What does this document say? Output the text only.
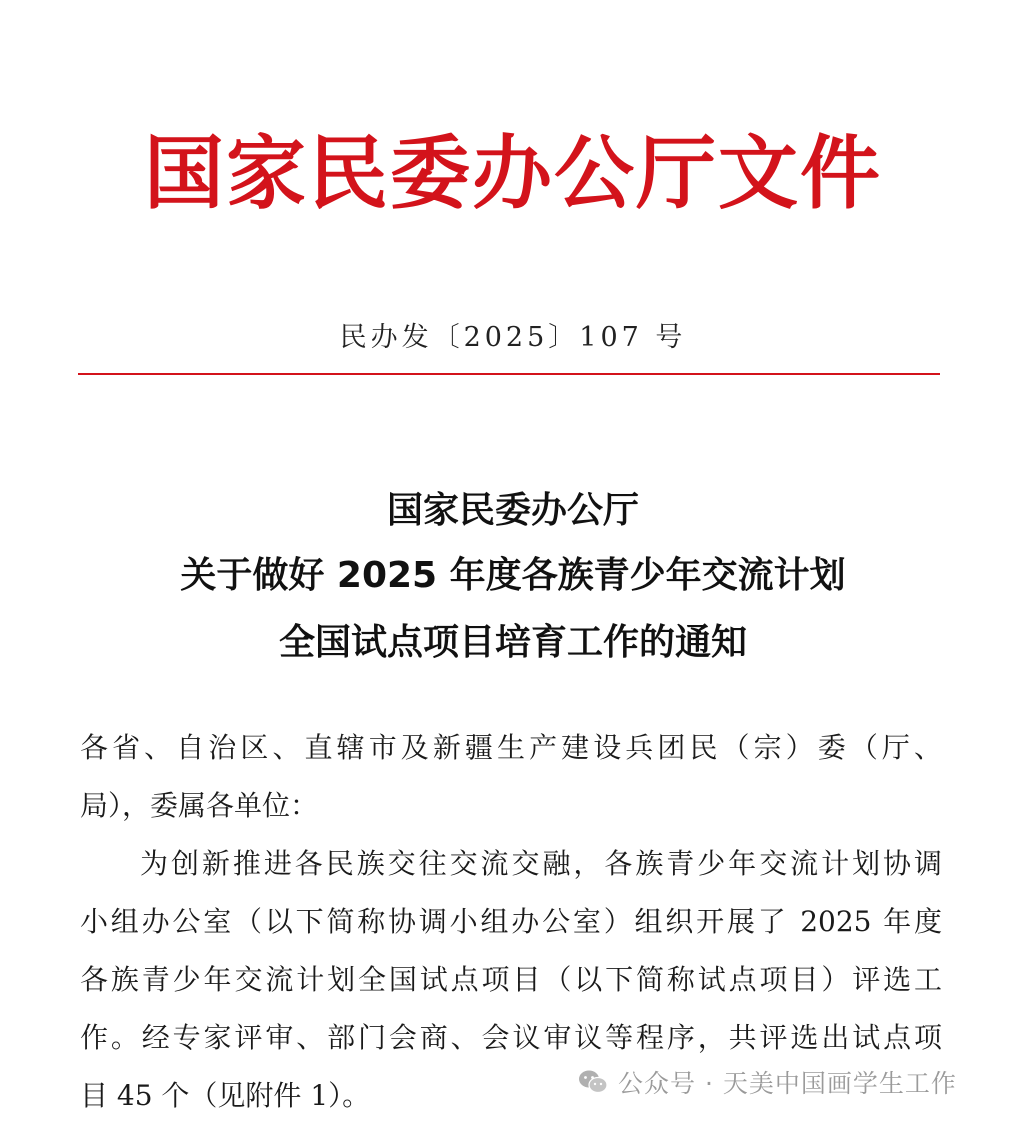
国家民委办公厅文件
民办发〔2025〕107 号
国家民委办公厅
关于做好 2025 年度各族青少年交流计划
全国试点项目培育工作的通知
各省、自治区、直辖市及新疆生产建设兵团民（宗）委（厅、
局），委属各单位：
为创新推进各民族交往交流交融，各族青少年交流计划协调
小组办公室（以下简称协调小组办公室）组织开展了 2025 年度
各族青少年交流计划全国试点项目（以下简称试点项目）评选工
作。经专家评审、部门会商、会议审议等程序，共评选出试点项
目 45 个（见附件 1）。	公众号 · 天美中国画学生工作
